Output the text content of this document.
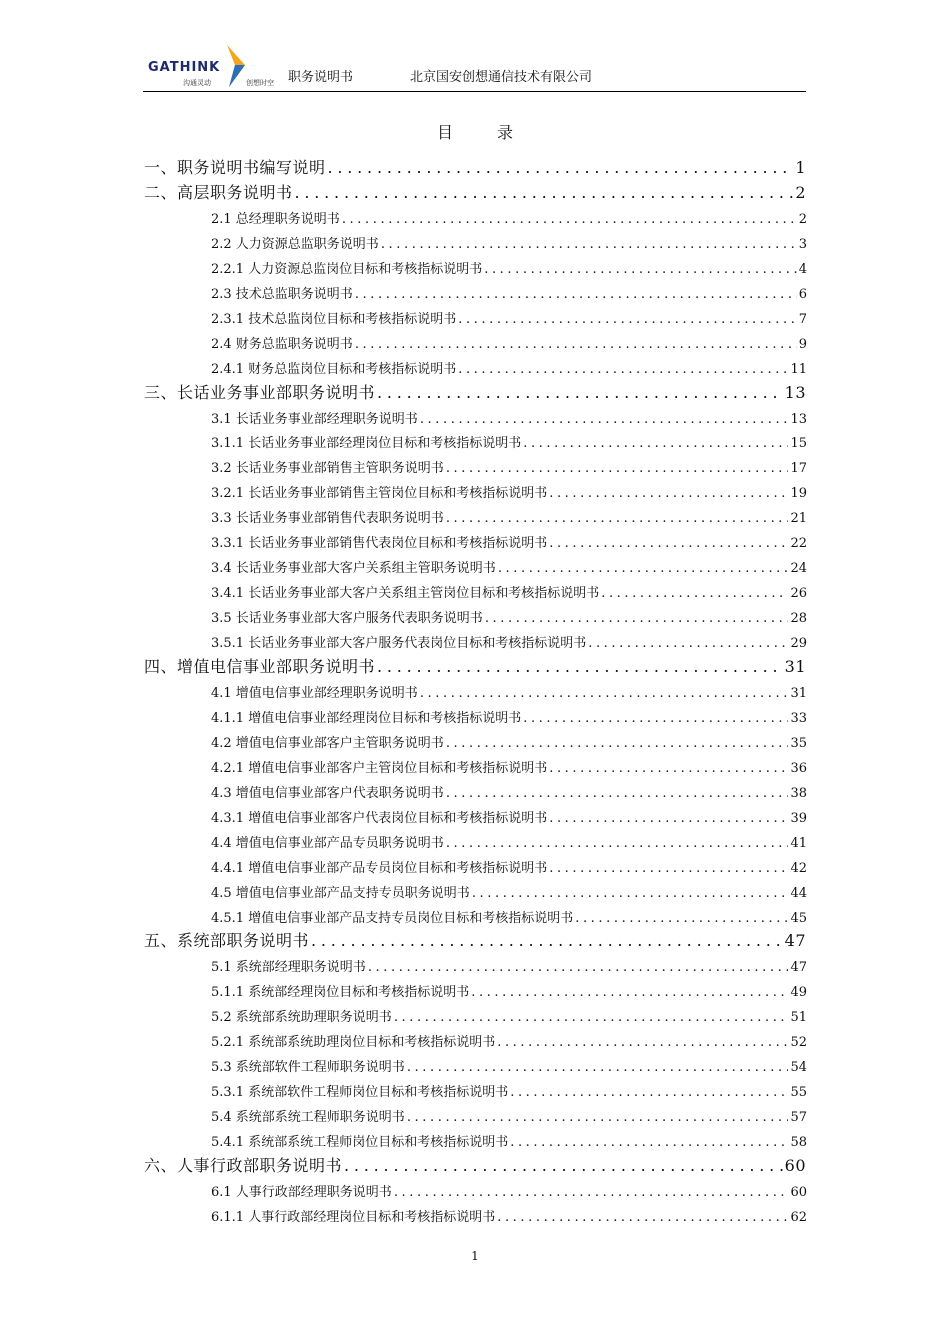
GATHINK
沟通灵动	创想时空 职务说明书	北京国安创想通信技术有限公司
目录
一、职务说明书编写说明 .....	1
二、高层职务说明书 .....	2
2.1 总经理职务说明书 .....	2
2.2 人力资源总监职务说明书 .....	3
2.2.1 人力资源总监岗位目标和考核指标说明书 .....	4
2.3 技术总监职务说明书 .....	6
2.3.1 技术总监岗位目标和考核指标说明书 .....	7
2.4 财务总监职务说明书 .....	9
2.4.1 财务总监岗位目标和考核指标说明书 .....	11
三、长话业务事业部职务说明书 .....	13
3.1 长话业务事业部经理职务说明书 .....	13
3.1.1 长话业务事业部经理岗位目标和考核指标说明书 .....	15
3.2 长话业务事业部销售主管职务说明书 .....	17
3.2.1 长话业务事业部销售主管岗位目标和考核指标说明书 .....	19
3.3 长话业务事业部销售代表职务说明书 .....	21
3.3.1 长话业务事业部销售代表岗位目标和考核指标说明书 .....	22
3.4 长话业务事业部大客户关系组主管职务说明书 .....	24
3.4.1 长话业务事业部大客户关系组主管岗位目标和考核指标说明书 .....	26
3.5 长话业务事业部大客户服务代表职务说明书 .....	28
3.5.1 长话业务事业部大客户服务代表岗位目标和考核指标说明书 .....	29
四、增值电信事业部职务说明书 .....	31
4.1 增值电信事业部经理职务说明书 .....	31
4.1.1 增值电信事业部经理岗位目标和考核指标说明书 .....	33
4.2 增值电信事业部客户主管职务说明书 .....	35
4.2.1 增值电信事业部客户主管岗位目标和考核指标说明书 .....	36
4.3 增值电信事业部客户代表职务说明书 .....	38
4.3.1 增值电信事业部客户代表岗位目标和考核指标说明书 .....	39
4.4 增值电信事业部产品专员职务说明书 .....	41
4.4.1 增值电信事业部产品专员岗位目标和考核指标说明书 .....	42
4.5 增值电信事业部产品支持专员职务说明书 .....	44
4.5.1 增值电信事业部产品支持专员岗位目标和考核指标说明书 .....	45
五、系统部职务说明书 .....	47
5.1 系统部经理职务说明书 .....	47
5.1.1 系统部经理岗位目标和考核指标说明书 .....	49
5.2 系统部系统助理职务说明书 .....	51
5.2.1 系统部系统助理岗位目标和考核指标说明书 .....	52
5.3 系统部软件工程师职务说明书 .....	54
5.3.1 系统部软件工程师岗位目标和考核指标说明书 .....	55
5.4 系统部系统工程师职务说明书 .....	57
5.4.1 系统部系统工程师岗位目标和考核指标说明书 .....	58
六、人事行政部职务说明书 .....	60
6.1 人事行政部经理职务说明书 .....	60
6.1.1 人事行政部经理岗位目标和考核指标说明书 .....	62
1
